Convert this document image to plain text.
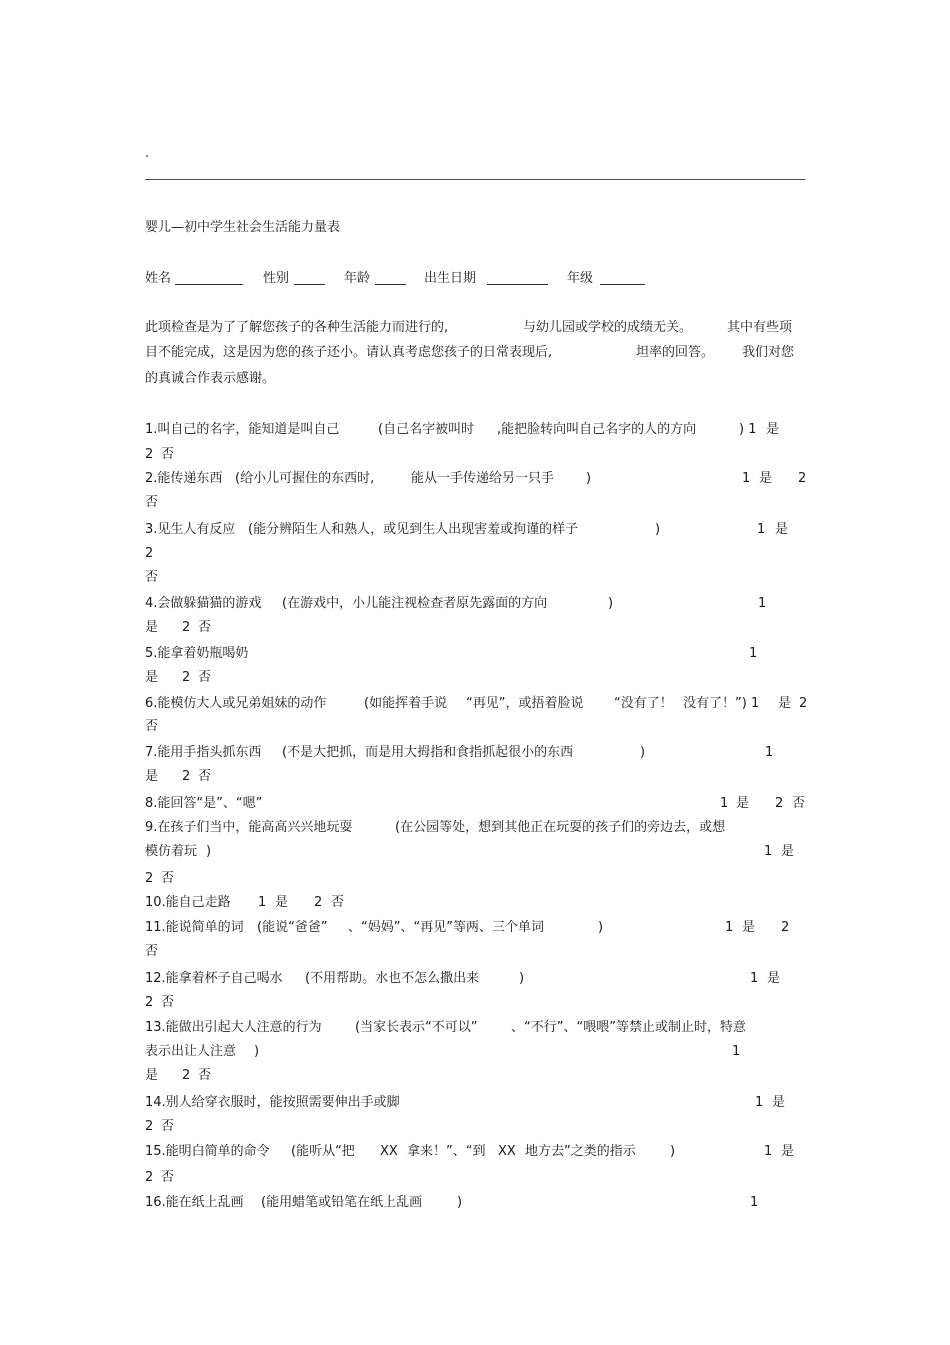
.
婴儿—初中学生社会生活能力量表
姓名	性别	年龄	出生日期	年级
此项检查是为了了解您孩子的各种生活能力而进行的,	与幼儿园或学校的成绩无关。	其中有些项
目不能完成，这是因为您的孩子还小。请认真考虑您孩子的日常表现后,	坦率的回答。 我们对您
的真诚合作表示感谢。
1.叫自己的名字，能知道是叫自己	(自己名字被叫时 ,能把脸转向叫自己名字的人的方向	) 1 是
2 否
2.能传递东西 (给小儿可握住的东西时,	能从一手传递给另一只手 )	1 是 2
否
3.见生人有反应 (能分辨陌生人和熟人，或见到生人出现害羞或拘谨的样子	)	1 是
2
否
4.会做躲猫猫的游戏 (在游戏中，小儿能注视检查者原先露面的方向	)	1
是 2 否
5.能拿着奶瓶喝奶	1
是 2 否
6.能模仿大人或兄弟姐妹的动作	(如能挥着手说 “再见”，或捂着脸说 “没有了！ 没有了！”) 1 是 2
否
7.能用手指头抓东西 (不是大把抓，而是用大拇指和食指抓起很小的东西	)	1
是 2 否
8.能回答“是”、“嗯”	1 是 2 否
9.在孩子们当中，能高高兴兴地玩耍	(在公园等处，想到其他正在玩耍的孩子们的旁边去，或想
模仿着玩 )	1 是
2 否
10.能自己走路 1 是 2 否
11.能说简单的词 (能说“爸爸” 、“妈妈”、“再见”等两、三个单词	)	1 是 2
否
12.能拿着杯子自己喝水 (不用帮助。水也不怎么撒出来	)	1 是
2 否
13.能做出引起大人注意的行为	(当家长表示“不可以”	、“不行”、“喂喂”等禁止或制止时，特意
表示出让人注意 )	1
是 2 否
14.别人给穿衣服时，能按照需要伸出手或脚	1 是
2 否
15.能明白简单的命令 (能听从“把 XX 拿来！”、“到 XX 地方去”之类的指示	)	1 是
2 否
16.能在纸上乱画 (能用蜡笔或铅笔在纸上乱画	)	1
